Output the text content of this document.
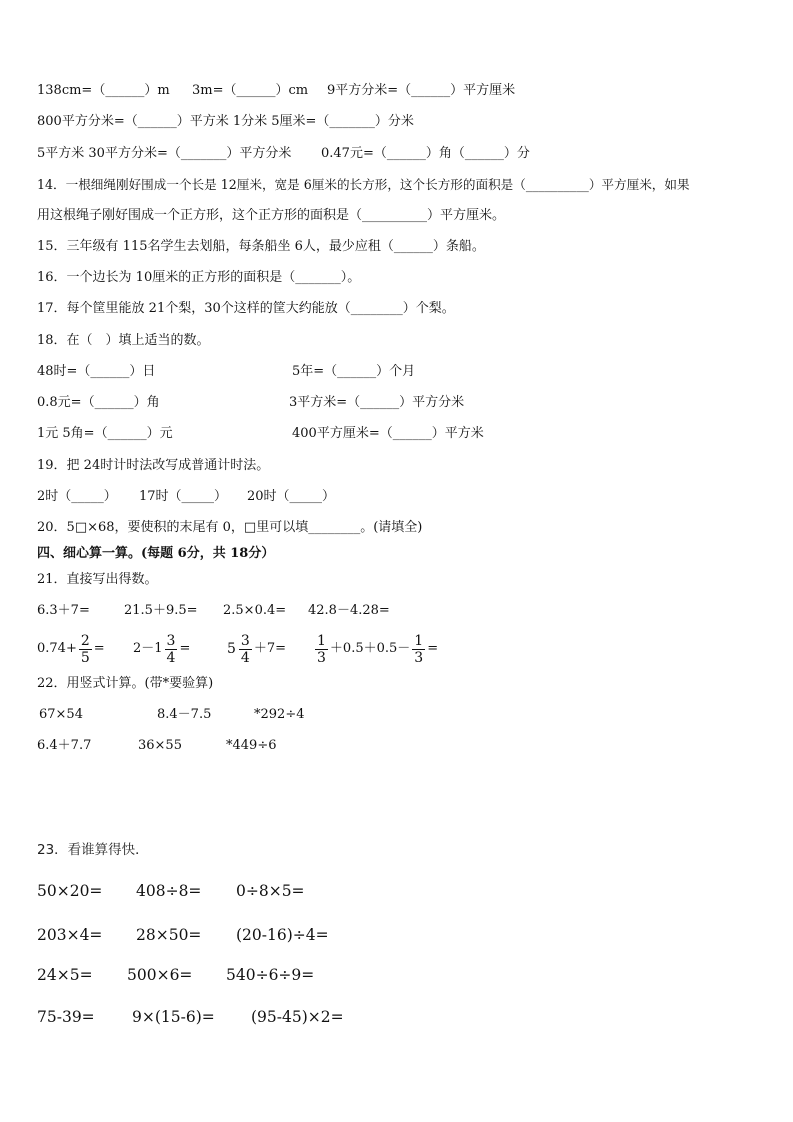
138cm=（______）m 3m=（______）cm 9平方分米=（______）平方厘米
800平方分米=（______）平方米 1分米 5厘米=（_______）分米
5平方米 30平方分米=（_______）平方分米 0.47元=（______）角（______）分
14．一根细绳刚好围成一个长是 12厘米，宽是 6厘米的长方形，这个长方形的面积是（__________）平方厘米，如果
用这根绳子刚好围成一个正方形，这个正方形的面积是（__________）平方厘米。
15．三年级有 115名学生去划船，每条船坐 6人，最少应租（______）条船。
16．一个边长为 10厘米的正方形的面积是（_______）。
17．每个筐里能放 21个梨，30个这样的筐大约能放（________）个梨。
18．在（　）填上适当的数。
48时=（______）日	5年=（______）个月
0.8元=（______）角	3平方米=（______）平方分米
1元 5角=（______）元	400平方厘米=（______）平方米
19．把 24时计时法改写成普通计时法。
2时（_____） 17时（_____） 20时（_____）
20．5□×68，要使积的末尾有 0，□里可以填________。(请填全)
四、细心算一算。(每题 6分，共 18分）
21．直接写出得数。
6.3＋7=	21.5＋9.5= 2.5×0.4= 42.8－4.28=
$0.74+ \frac{2}{5} = 2-1 \frac{3}{4}$ =	$5 \frac{3}{4} +7= \frac{1}{3} +0.5+0.5- \frac{1}{3}$ =
22．用竖式计算。(带*要验算)
67×54	8.4－7.5	*292÷4
6.4＋7.7	36×55	*449÷6
23．看谁算得快．
50×20= 408÷8= 0÷8×5=
203×4= 28×50= (20-16)÷4=
24×5= 500×6= 540÷6÷9=
75-39= 9×(15-6)= (95-45)×2=
